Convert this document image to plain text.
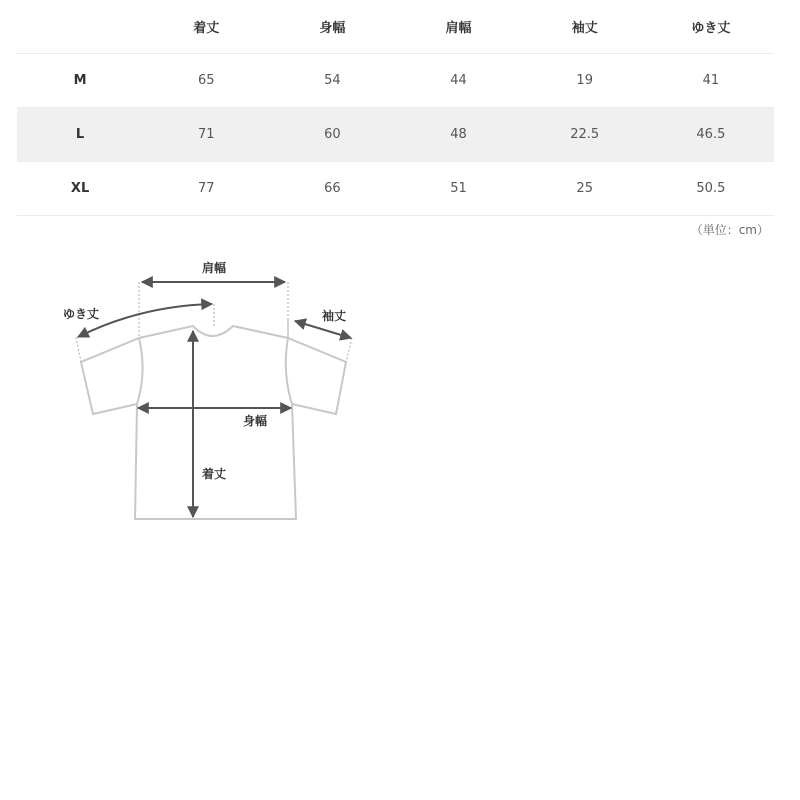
	着丈	身幅	肩幅	袖丈	ゆき丈
M	65	54	44	19	41
L	71	60	48	22.5	46.5
XL	77	66	51	25	50.5
（単位：cm）
肩幅
ゆき丈	袖丈
身幅
着丈
